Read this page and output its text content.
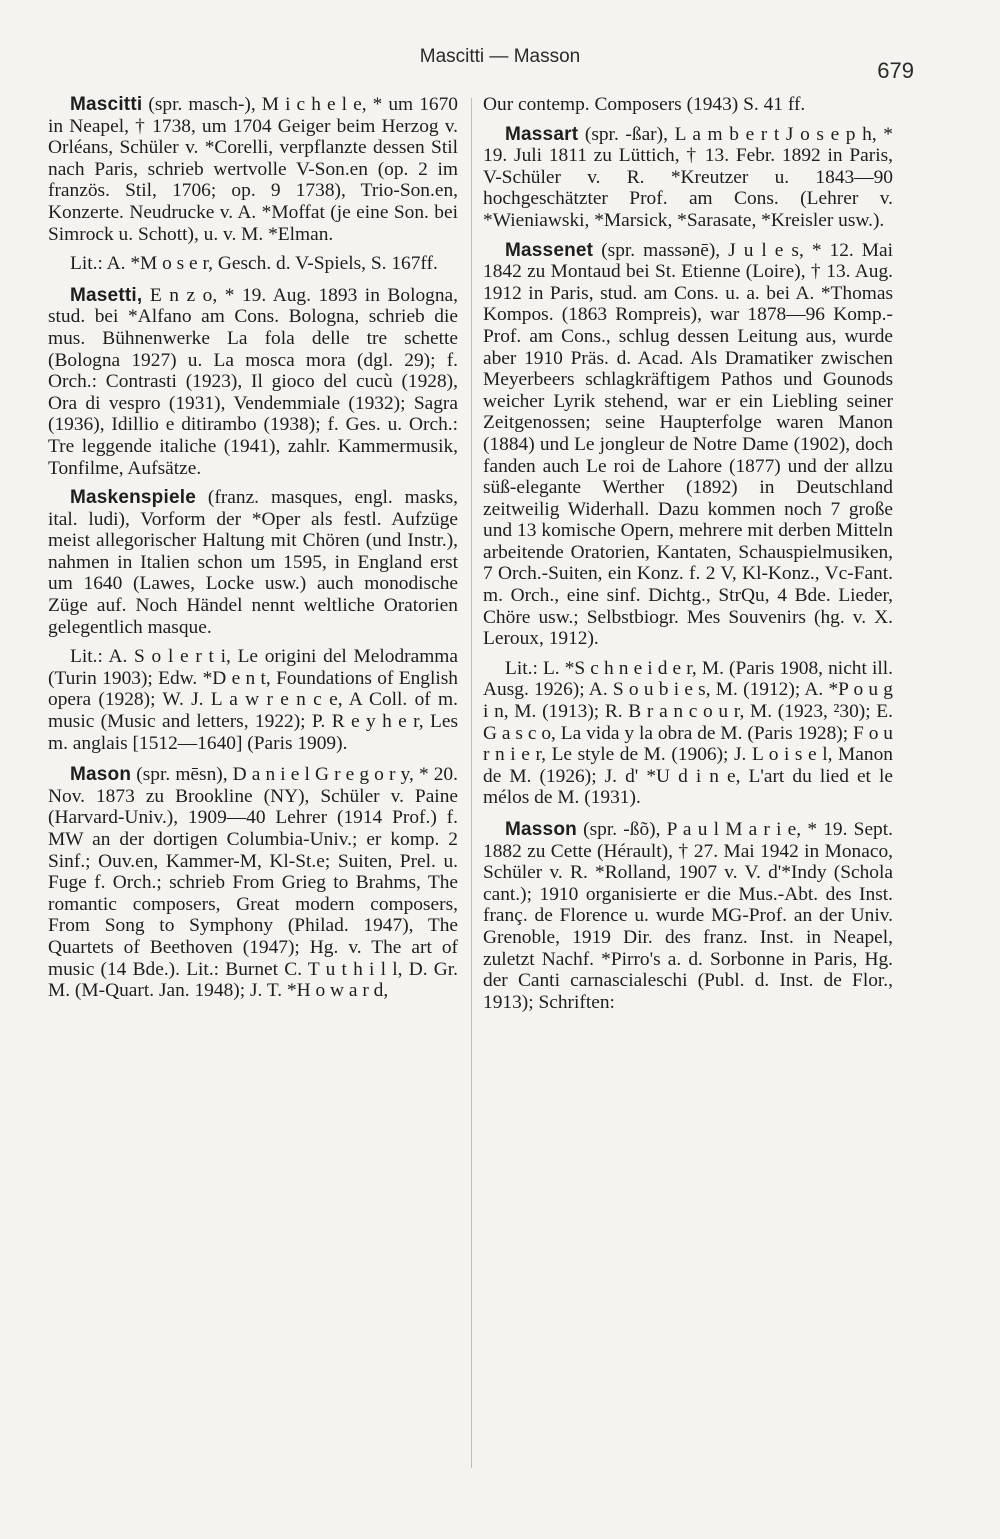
Mascitti — Masson
679

Mascitti (spr. masch-), M i c h e l e, * um 1670 in Neapel, † 1738, um 1704 Geiger beim Herzog v. Orléans, Schüler v. *Corelli, verpflanzte dessen Stil nach Paris, schrieb wertvolle V-Son.en (op. 2 im französ. Stil, 1706; op. 9 1738), Trio-Son.en, Konzerte. Neudrucke v. A. *Moffat (je eine Son. bei Simrock u. Schott), u. v. M. *Elman.

Lit.: A. *M o s e r, Gesch. d. V-Spiels, S. 167ff.

Masetti, E n z o, * 19. Aug. 1893 in Bologna, stud. bei *Alfano am Cons. Bologna, schrieb die mus. Bühnenwerke La fola delle tre schette (Bologna 1927) u. La mosca mora (dgl. 29); f. Orch.: Contrasti (1923), Il gioco del cucù (1928), Ora di vespro (1931), Vendemmiale (1932); Sagra (1936), Idillio e ditirambo (1938); f. Ges. u. Orch.: Tre leggende italiche (1941), zahlr. Kammermusik, Tonfilme, Aufsätze.

Maskenspiele (franz. masques, engl. masks, ital. ludi), Vorform der *Oper als festl. Aufzüge meist allegorischer Haltung mit Chören (und Instr.), nahmen in Italien schon um 1595, in England erst um 1640 (Lawes, Locke usw.) auch monodische Züge auf. Noch Händel nennt weltliche Oratorien gelegentlich masque.

Lit.: A. S o l e r t i, Le origini del Melodramma (Turin 1903); Edw. *D e n t, Foundations of English opera (1928); W. J. L a w r e n c e, A Coll. of m. music (Music and letters, 1922); P. R e y h e r, Les m. anglais [1512—1640] (Paris 1909).

Mason (spr. mēsn), D a n i e l G r e g o r y, * 20. Nov. 1873 zu Brookline (NY), Schüler v. Paine (Harvard-Univ.), 1909—40 Lehrer (1914 Prof.) f. MW an der dortigen Columbia-Univ.; er komp. 2 Sinf.; Ouv.en, Kammer-M, Kl-St.e; Suiten, Prel. u. Fuge f. Orch.; schrieb From Grieg to Brahms, The romantic composers, Great modern composers, From Song to Symphony (Philad. 1947), The Quartets of Beethoven (1947); Hg. v. The art of music (14 Bde.). Lit.: Burnet C. T u t h i l l, D. Gr. M. (M-Quart. Jan. 1948); J. T. *H o w a r d,

Our contemp. Composers (1943) S. 41 ff.

Massart (spr. -ßar), L a m b e r t J o s e p h, * 19. Juli 1811 zu Lüttich, † 13. Febr. 1892 in Paris, V-Schüler v. R. *Kreutzer u. 1843—90 hochgeschätzter Prof. am Cons. (Lehrer v. *Wieniawski, *Marsick, *Sarasate, *Kreisler usw.).

Massenet (spr. massənē), J u l e s, * 12. Mai 1842 zu Montaud bei St. Etienne (Loire), † 13. Aug. 1912 in Paris, stud. am Cons. u. a. bei A. *Thomas Kompos. (1863 Rompreis), war 1878—96 Komp.-Prof. am Cons., schlug dessen Leitung aus, wurde aber 1910 Präs. d. Acad. Als Dramatiker zwischen Meyerbeers schlagkräftigem Pathos und Gounods weicher Lyrik stehend, war er ein Liebling seiner Zeitgenossen; seine Haupterfolge waren Manon (1884) und Le jongleur de Notre Dame (1902), doch fanden auch Le roi de Lahore (1877) und der allzu süß-elegante Werther (1892) in Deutschland zeitweilig Widerhall. Dazu kommen noch 7 große und 13 komische Opern, mehrere mit derben Mitteln arbeitende Oratorien, Kantaten, Schauspielmusiken, 7 Orch.-Suiten, ein Konz. f. 2 V, Kl-Konz., Vc-Fant. m. Orch., eine sinf. Dichtg., StrQu, 4 Bde. Lieder, Chöre usw.; Selbstbiogr. Mes Souvenirs (hg. v. X. Leroux, 1912).

Lit.: L. *S c h n e i d e r, M. (Paris 1908, nicht ill. Ausg. 1926); A. S o u b i e s, M. (1912); A. *P o u g i n, M. (1913); R. B r a n c o u r, M. (1923, ²30); E. G a s c o, La vida y la obra de M. (Paris 1928); F o u r n i e r, Le style de M. (1906); J. L o i s e l, Manon de M. (1926); J. d' *U d i n e, L'art du lied et le mélos de M. (1931).

Masson (spr. -ßõ), P a u l M a r i e, * 19. Sept. 1882 zu Cette (Hérault), † 27. Mai 1942 in Monaco, Schüler v. R. *Rolland, 1907 v. V. d'*Indy (Schola cant.); 1910 organisierte er die Mus.-Abt. des Inst. franç. de Florence u. wurde MG-Prof. an der Univ. Grenoble, 1919 Dir. des franz. Inst. in Neapel, zuletzt Nachf. *Pirro's a. d. Sorbonne in Paris, Hg. der Canti carnascialeschi (Publ. d. Inst. de Flor., 1913); Schriften:
